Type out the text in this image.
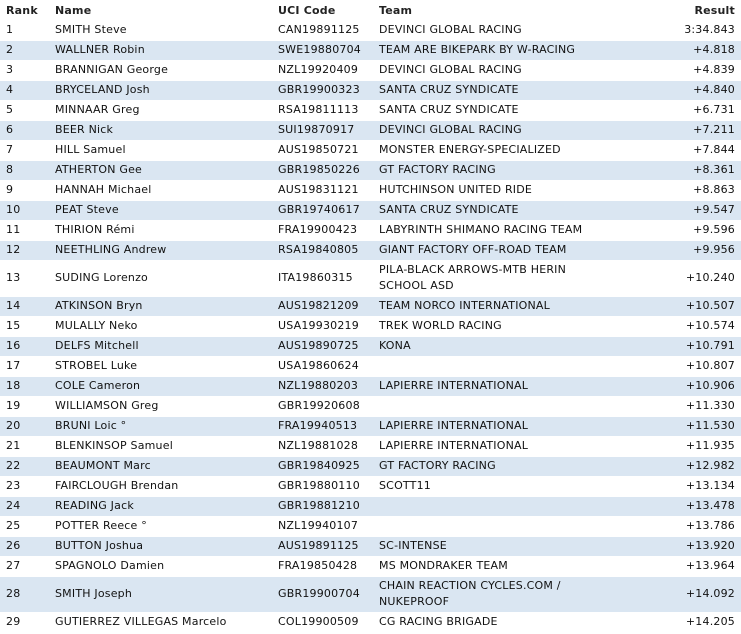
Rank	Name	UCI Code	Team	Result
1	SMITH Steve	CAN19891125	DEVINCI GLOBAL RACING	3:34.843
2	WALLNER Robin	SWE19880704	TEAM ARE BIKEPARK BY W-RACING	+4.818
3	BRANNIGAN George	NZL19920409	DEVINCI GLOBAL RACING	+4.839
4	BRYCELAND Josh	GBR19900323	SANTA CRUZ SYNDICATE	+4.840
5	MINNAAR Greg	RSA19811113	SANTA CRUZ SYNDICATE	+6.731
6	BEER Nick	SUI19870917	DEVINCI GLOBAL RACING	+7.211
7	HILL Samuel	AUS19850721	MONSTER ENERGY-SPECIALIZED	+7.844
8	ATHERTON Gee	GBR19850226	GT FACTORY RACING	+8.361
9	HANNAH Michael	AUS19831121	HUTCHINSON UNITED RIDE	+8.863
10	PEAT Steve	GBR19740617	SANTA CRUZ SYNDICATE	+9.547
11	THIRION Rémi	FRA19900423	LABYRINTH SHIMANO RACING TEAM	+9.596
12	NEETHLING Andrew	RSA19840805	GIANT FACTORY OFF-ROAD TEAM	+9.956
13	SUDING Lorenzo	ITA19860315	PILA-BLACK ARROWS-MTB HERIN SCHOOL ASD	+10.240
14	ATKINSON Bryn	AUS19821209	TEAM NORCO INTERNATIONAL	+10.507
15	MULALLY Neko	USA19930219	TREK WORLD RACING	+10.574
16	DELFS Mitchell	AUS19890725	KONA	+10.791
17	STROBEL Luke	USA19860624		+10.807
18	COLE Cameron	NZL19880203	LAPIERRE INTERNATIONAL	+10.906
19	WILLIAMSON Greg	GBR19920608		+11.330
20	BRUNI Loic °	FRA19940513	LAPIERRE INTERNATIONAL	+11.530
21	BLENKINSOP Samuel	NZL19881028	LAPIERRE INTERNATIONAL	+11.935
22	BEAUMONT Marc	GBR19840925	GT FACTORY RACING	+12.982
23	FAIRCLOUGH Brendan	GBR19880110	SCOTT11	+13.134
24	READING Jack	GBR19881210		+13.478
25	POTTER Reece °	NZL19940107		+13.786
26	BUTTON Joshua	AUS19891125	SC-INTENSE	+13.920
27	SPAGNOLO Damien	FRA19850428	MS MONDRAKER TEAM	+13.964
28	SMITH Joseph	GBR19900704	CHAIN REACTION CYCLES.COM / NUKEPROOF	+14.092
29	GUTIERREZ VILLEGAS Marcelo	COL19900509	CG RACING BRIGADE	+14.205
